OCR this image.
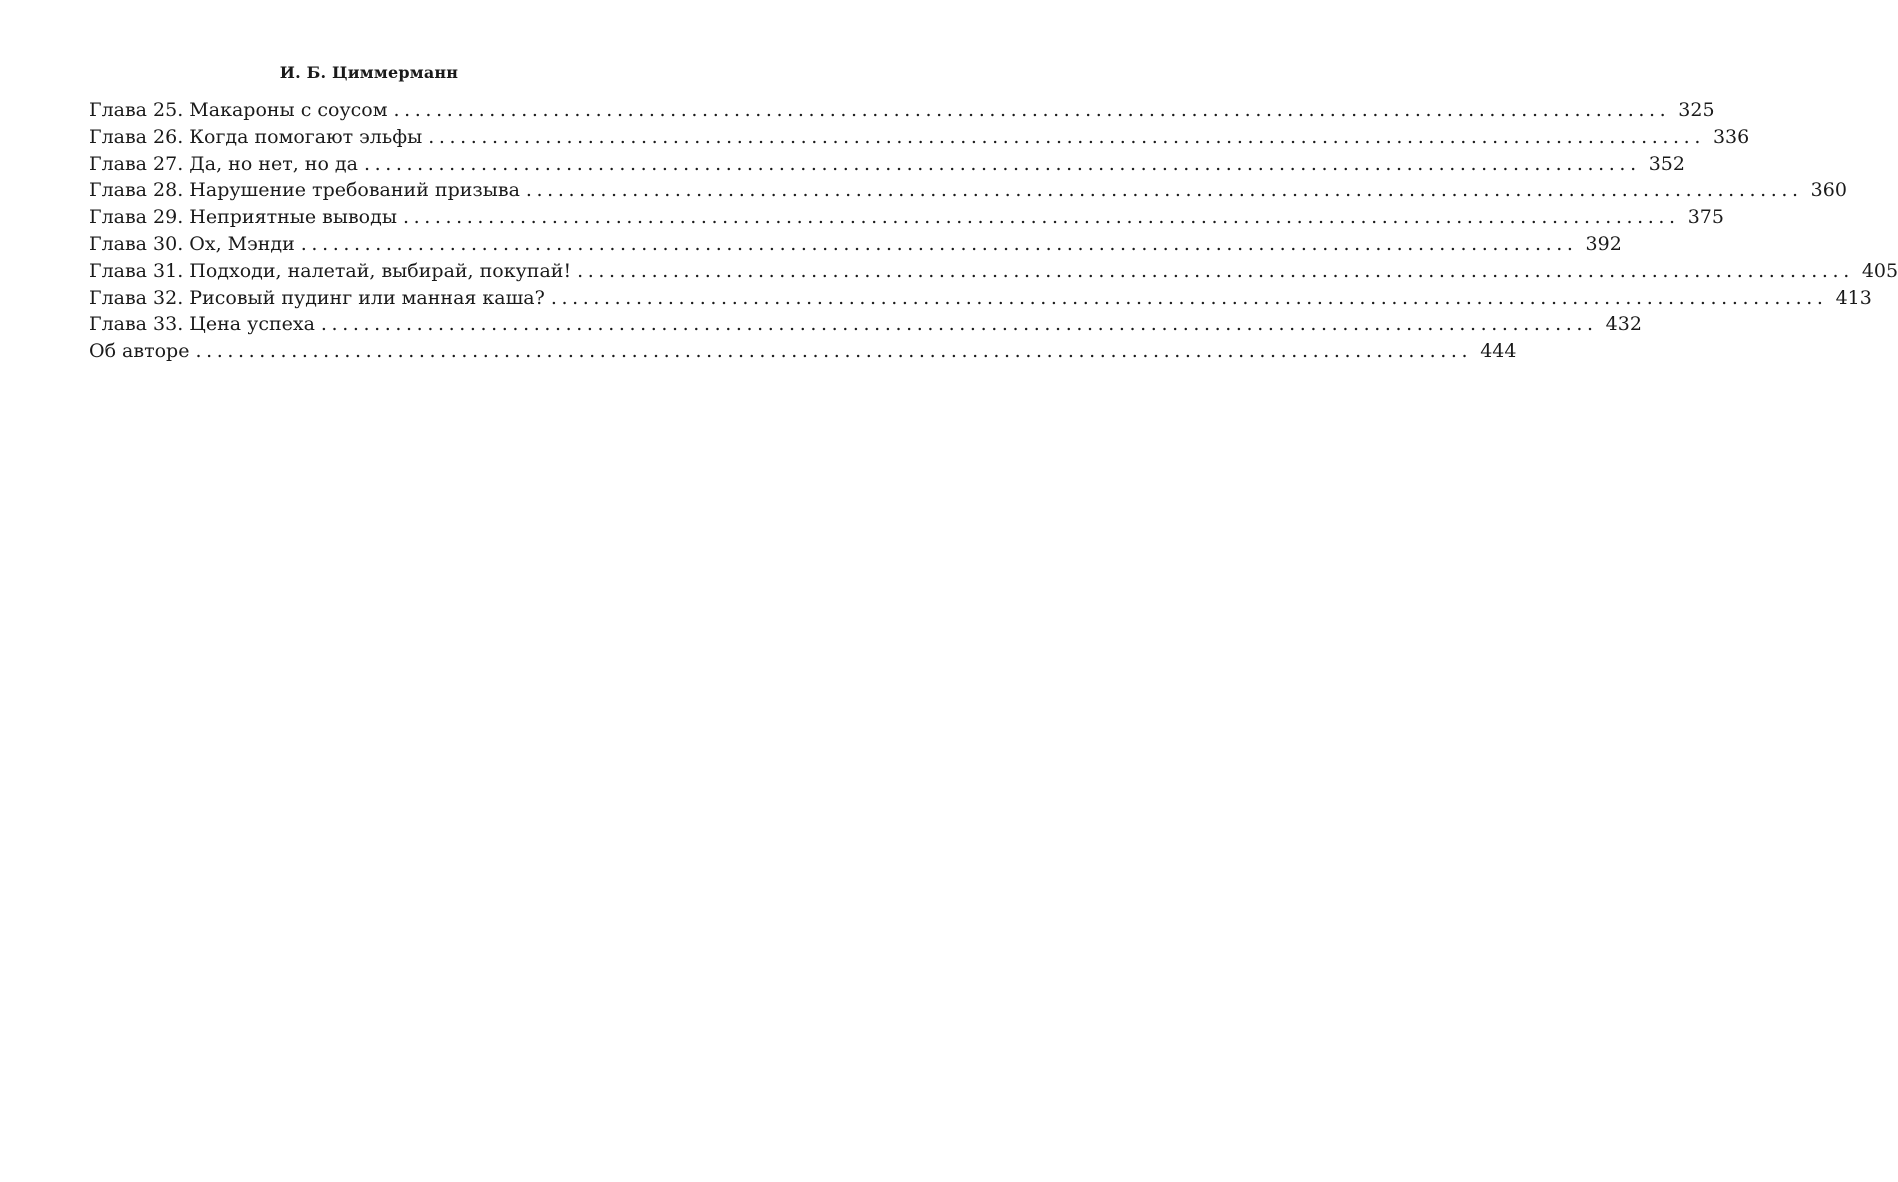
И. Б. Циммерманн
Глава 25. Макароны с соусом ........................................................................................................................ 325
Глава 26. Когда помогают эльфы ........................................................................................................................ 336
Глава 27. Да, но нет, но да ........................................................................................................................ 352
Глава 28. Нарушение требований призыва ........................................................................................................................ 360
Глава 29. Неприятные выводы ........................................................................................................................ 375
Глава 30. Ох, Мэнди ........................................................................................................................ 392
Глава 31. Подходи, налетай, выбирай, покупай! ........................................................................................................................ 405
Глава 32. Рисовый пудинг или манная каша? ........................................................................................................................ 413
Глава 33. Цена успеха ........................................................................................................................ 432
Об авторе ........................................................................................................................ 444
